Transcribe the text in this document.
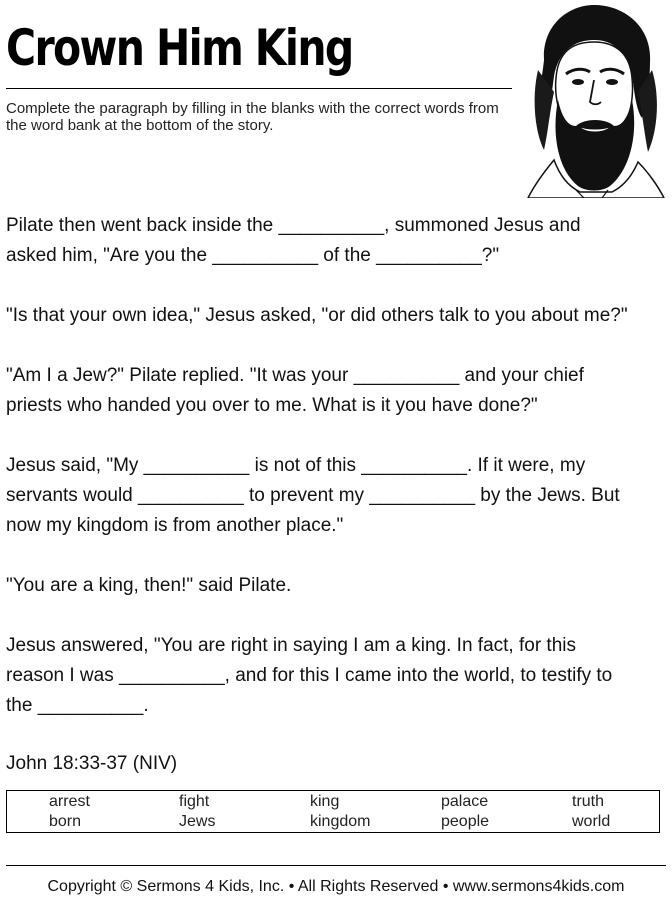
Crown Him King
Complete the paragraph by filling in the blanks with the correct words from the word bank at the bottom of the story.

Pilate then went back inside the __________, summoned Jesus and

asked him, "Are you the __________ of the __________?"

"Is that your own idea," Jesus asked, "or did others talk to you about me?"

"Am I a Jew?" Pilate replied. "It was your __________ and your chief

priests who handed you over to me. What is it you have done?"

Jesus said, "My __________ is not of this __________. If it were, my

servants would __________ to prevent my __________ by the Jews. But

now my kingdom is from another place."

"You are a king, then!" said Pilate.

Jesus answered, "You are right in saying I am a king. In fact, for this

reason I was __________, and for this I came into the world, to testify to

the __________.

John 18:33-37 (NIV)
arrest	fight	king	palace	truth
born	Jews	kingdom	people	world
Copyright © Sermons 4 Kids, Inc. • All Rights Reserved • www.sermons4kids.com
